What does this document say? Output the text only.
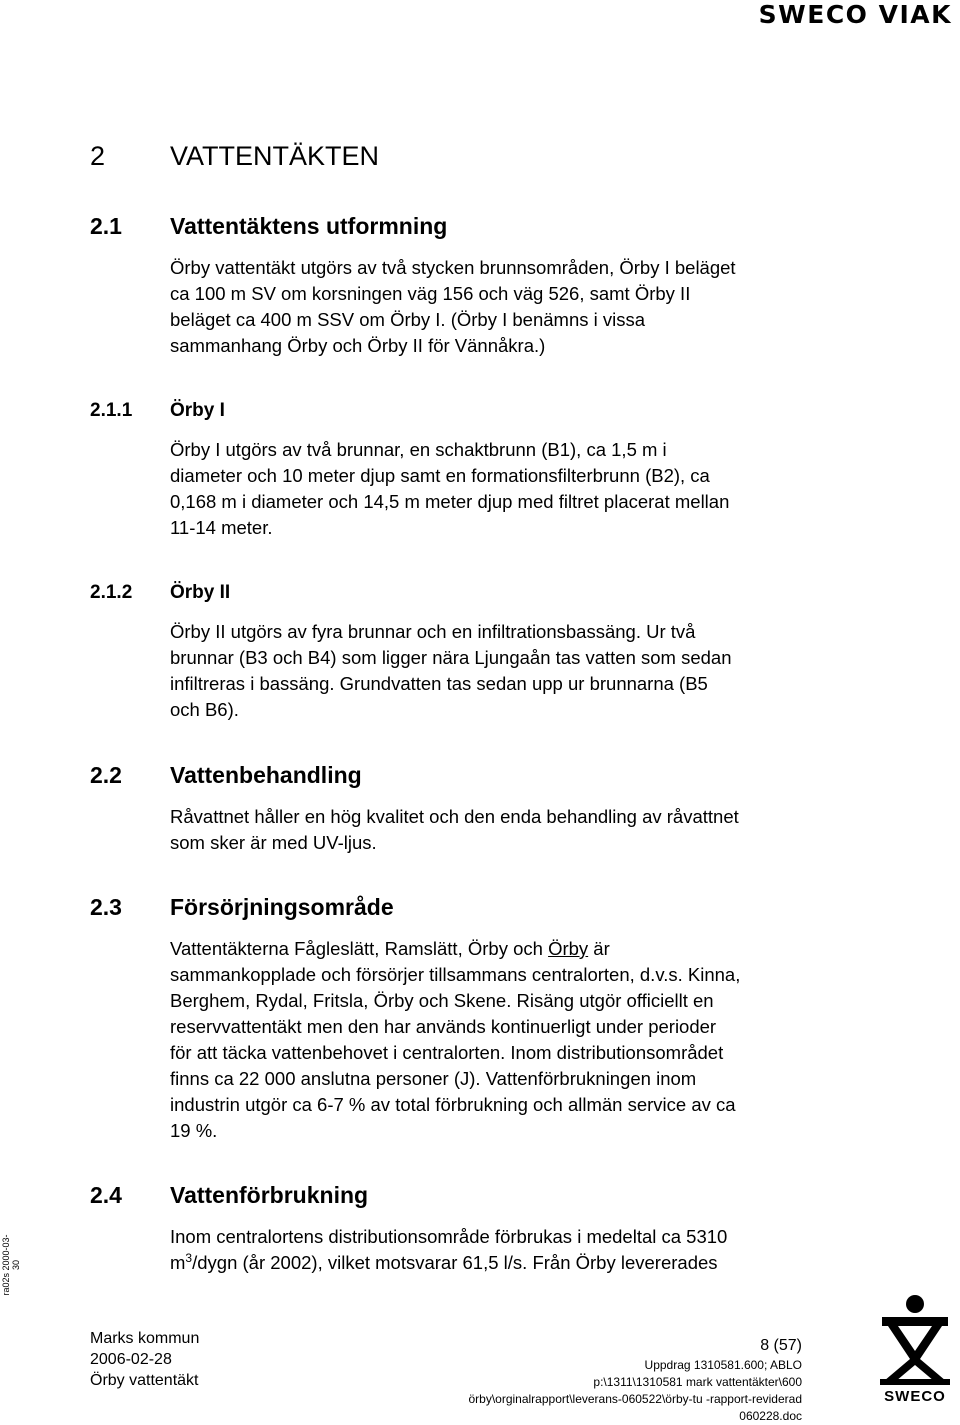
SWECO VIAK
2 VATTENTÄKTEN
2.1 Vattentäktens utformning

Örby vattentäkt utgörs av två stycken brunnsområden, Örby I beläget

ca 100 m SV om korsningen väg 156 och väg 526, samt Örby II

beläget ca 400 m SSV om Örby I. (Örby I benämns i vissa

sammanhang Örby och Örby II för Vännåkra.)

2.1.1 Örby I

Örby I utgörs av två brunnar, en schaktbrunn (B1), ca 1,5 m i

diameter och 10 meter djup samt en formationsfilterbrunn (B2), ca

0,168 m i diameter och 14,5 m meter djup med filtret placerat mellan

11-14 meter.

2.1.2 Örby II

Örby II utgörs av fyra brunnar och en infiltrationsbassäng. Ur två

brunnar (B3 och B4) som ligger nära Ljungaån tas vatten som sedan

infiltreras i bassäng. Grundvatten tas sedan upp ur brunnarna (B5

och B6).

2.2 Vattenbehandling

Råvattnet håller en hög kvalitet och den enda behandling av råvattnet

som sker är med UV-ljus.

2.3 Försörjningsområde

Vattentäkterna Fågleslätt, Ramslätt, Örby och Örby är

sammankopplade och försörjer tillsammans centralorten, d.v.s. Kinna,

Berghem, Rydal, Fritsla, Örby och Skene. Risäng utgör officiellt en

reservvattentäkt men den har används kontinuerligt under perioder

för att täcka vattenbehovet i centralorten. Inom distributionsområdet

finns ca 22 000 anslutna personer (J). Vattenförbrukningen inom

industrin utgör ca 6-7 % av total förbrukning och allmän service av ca

19 %.

2.4 Vattenförbrukning

Inom centralortens distributionsområde förbrukas i medeltal ca 5310

$m^3$/dygn (år 2002), vilket motsvarar 61,5 l/s. Från Örby levererades

ra02s 2000-03-30
Marks kommun
2006-02-28
Örby vattentäkt
8 (57)
Uppdrag 1310581.600; ABLO
p:\1311\1310581 mark vattentäkter\600
örby\orginalrapport\leverans-060522\örby-tu -rapport-reviderad
060228.doc
SWECO
